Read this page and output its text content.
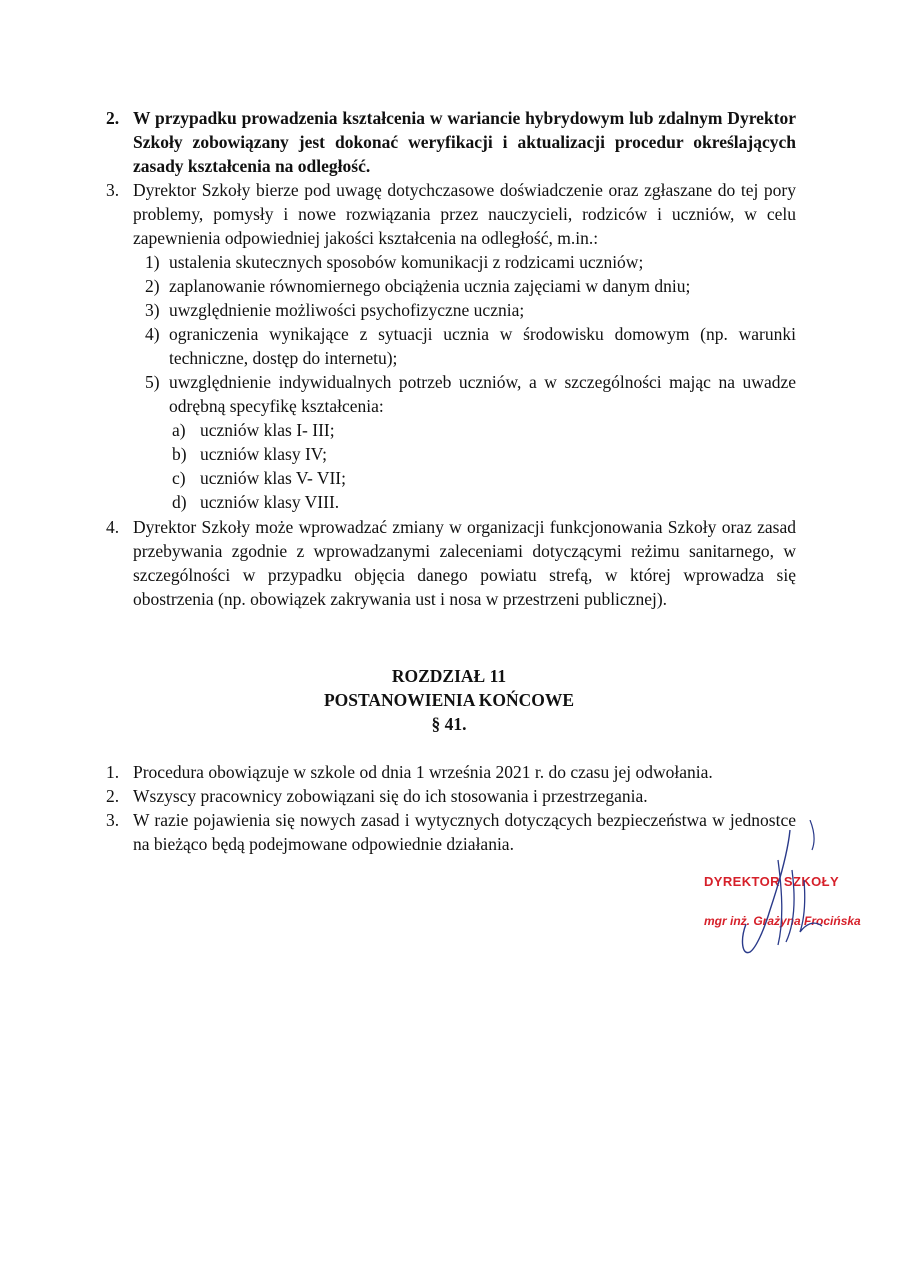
2. W przypadku prowadzenia kształcenia w wariancie hybrydowym lub zdalnym Dyrektor Szkoły zobowiązany jest dokonać weryfikacji i aktualizacji procedur określających zasady kształcenia na odległość.
3. Dyrektor Szkoły bierze pod uwagę dotychczasowe doświadczenie oraz zgłaszane do tej pory problemy, pomysły i nowe rozwiązania przez nauczycieli, rodziców i uczniów, w celu zapewnienia odpowiedniej jakości kształcenia na odległość, m.in.:
1) ustalenia skutecznych sposobów komunikacji z rodzicami uczniów;
2) zaplanowanie równomiernego obciążenia ucznia zajęciami w danym dniu;
3) uwzględnienie możliwości psychofizyczne ucznia;
4) ograniczenia wynikające z sytuacji ucznia w środowisku domowym (np. warunki techniczne, dostęp do internetu);
5) uwzględnienie indywidualnych potrzeb uczniów, a w szczególności mając na uwadze odrębną specyfikę kształcenia:
a) uczniów klas I- III;
b) uczniów klasy IV;
c) uczniów klas V- VII;
d) uczniów klasy VIII.
4. Dyrektor Szkoły może wprowadzać zmiany w organizacji funkcjonowania Szkoły oraz zasad przebywania zgodnie z wprowadzanymi zaleceniami dotyczącymi reżimu sanitarnego, w szczególności w przypadku objęcia danego powiatu strefą, w której wprowadza się obostrzenia (np. obowiązek zakrywania ust i nosa w przestrzeni publicznej).
ROZDZIAŁ 11
POSTANOWIENIA KOŃCOWE
§ 41.
1. Procedura obowiązuje w szkole od dnia 1 września 2021 r. do czasu jej odwołania.
2. Wszyscy pracownicy zobowiązani się do ich stosowania i przestrzegania.
3. W razie pojawienia się nowych zasad i wytycznych dotyczących bezpieczeństwa w jednostce na bieżąco będą podejmowane odpowiednie działania.
DYREKTOR SZKOŁY
mgr inż. Grażyna Frocińska
